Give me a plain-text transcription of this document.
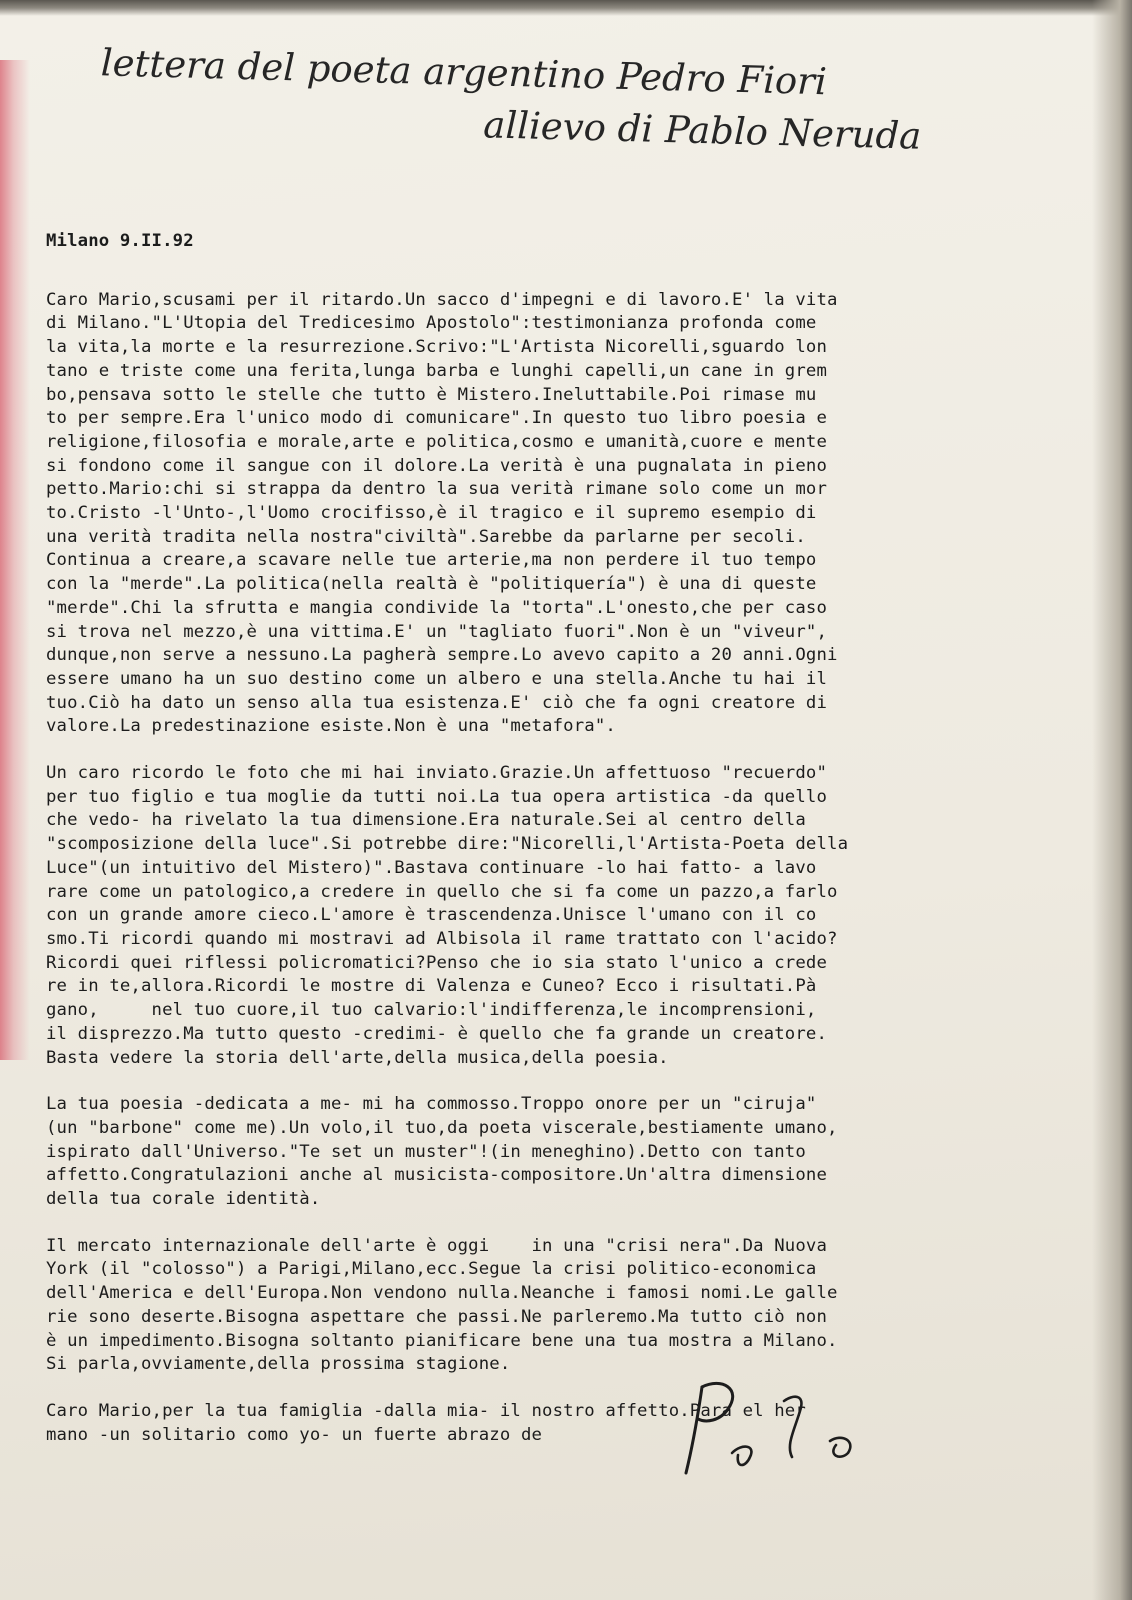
lettera del poeta argentino Pedro Fiori
allievo di Pablo Neruda
Milano 9.II.92
Caro Mario,scusami per il ritardo.Un sacco d'impegni e di lavoro.E' la vita
di Milano."L'Utopia del Tredicesimo Apostolo":testimonianza profonda come
la vita,la morte e la resurrezione.Scrivo:"L'Artista Nicorelli,sguardo lon
tano e triste come una ferita,lunga barba e lunghi capelli,un cane in grem
bo,pensava sotto le stelle che tutto è Mistero.Ineluttabile.Poi rimase mu
to per sempre.Era l'unico modo di comunicare".In questo tuo libro poesia e
religione,filosofia e morale,arte e politica,cosmo e umanità,cuore e mente
si fondono come il sangue con il dolore.La verità è una pugnalata in pieno
petto.Mario:chi si strappa da dentro la sua verità rimane solo come un mor
to.Cristo -l'Unto-,l'Uomo crocifisso,è il tragico e il supremo esempio di
una verità tradita nella nostra"civiltà".Sarebbe da parlarne per secoli.
Continua a creare,a scavare nelle tue arterie,ma non perdere il tuo tempo
con la "merde".La politica(nella realtà è "politiquería") è una di queste
"merde".Chi la sfrutta e mangia condivide la "torta".L'onesto,che per caso
si trova nel mezzo,è una vittima.E' un "tagliato fuori".Non è un "viveur",
dunque,non serve a nessuno.La pagherà sempre.Lo avevo capito a 20 anni.Ogni
essere umano ha un suo destino come un albero e una stella.Anche tu hai il
tuo.Ciò ha dato un senso alla tua esistenza.E' ciò che fa ogni creatore di
valore.La predestinazione esiste.Non è una "metafora".
Un caro ricordo le foto che mi hai inviato.Grazie.Un affettuoso "recuerdo"
per tuo figlio e tua moglie da tutti noi.La tua opera artistica -da quello
che vedo- ha rivelato la tua dimensione.Era naturale.Sei al centro della
"scomposizione della luce".Si potrebbe dire:"Nicorelli,l'Artista-Poeta della
Luce"(un intuitivo del Mistero)".Bastava continuare -lo hai fatto- a lavo
rare come un patologico,a credere in quello che si fa come un pazzo,a farlo
con un grande amore cieco.L'amore è trascendenza.Unisce l'umano con il co
smo.Ti ricordi quando mi mostravi ad Albisola il rame trattato con l'acido?
Ricordi quei riflessi policromatici?Penso che io sia stato l'unico a crede
re in te,allora.Ricordi le mostre di Valenza e Cuneo? Ecco i risultati.Pà
gano,     nel tuo cuore,il tuo calvario:l'indifferenza,le incomprensioni,
il disprezzo.Ma tutto questo -credimi- è quello che fa grande un creatore.
Basta vedere la storia dell'arte,della musica,della poesia.
La tua poesia -dedicata a me- mi ha commosso.Troppo onore per un "ciruja"
(un "barbone" come me).Un volo,il tuo,da poeta viscerale,bestiamente umano,
ispirato dall'Universo."Te set un muster"!(in meneghino).Detto con tanto
affetto.Congratulazioni anche al musicista-compositore.Un'altra dimensione
della tua corale identità.
Il mercato internazionale dell'arte è oggi    in una "crisi nera".Da Nuova
York (il "colosso") a Parigi,Milano,ecc.Segue la crisi politico-economica
dell'America e dell'Europa.Non vendono nulla.Neanche i famosi nomi.Le galle
rie sono deserte.Bisogna aspettare che passi.Ne parleremo.Ma tutto ciò non
è un impedimento.Bisogna soltanto pianificare bene una tua mostra a Milano.
Si parla,ovviamente,della prossima stagione.
Caro Mario,per la tua famiglia -dalla mia- il nostro affetto.Para el her
mano -un solitario como yo- un fuerte abrazo de
